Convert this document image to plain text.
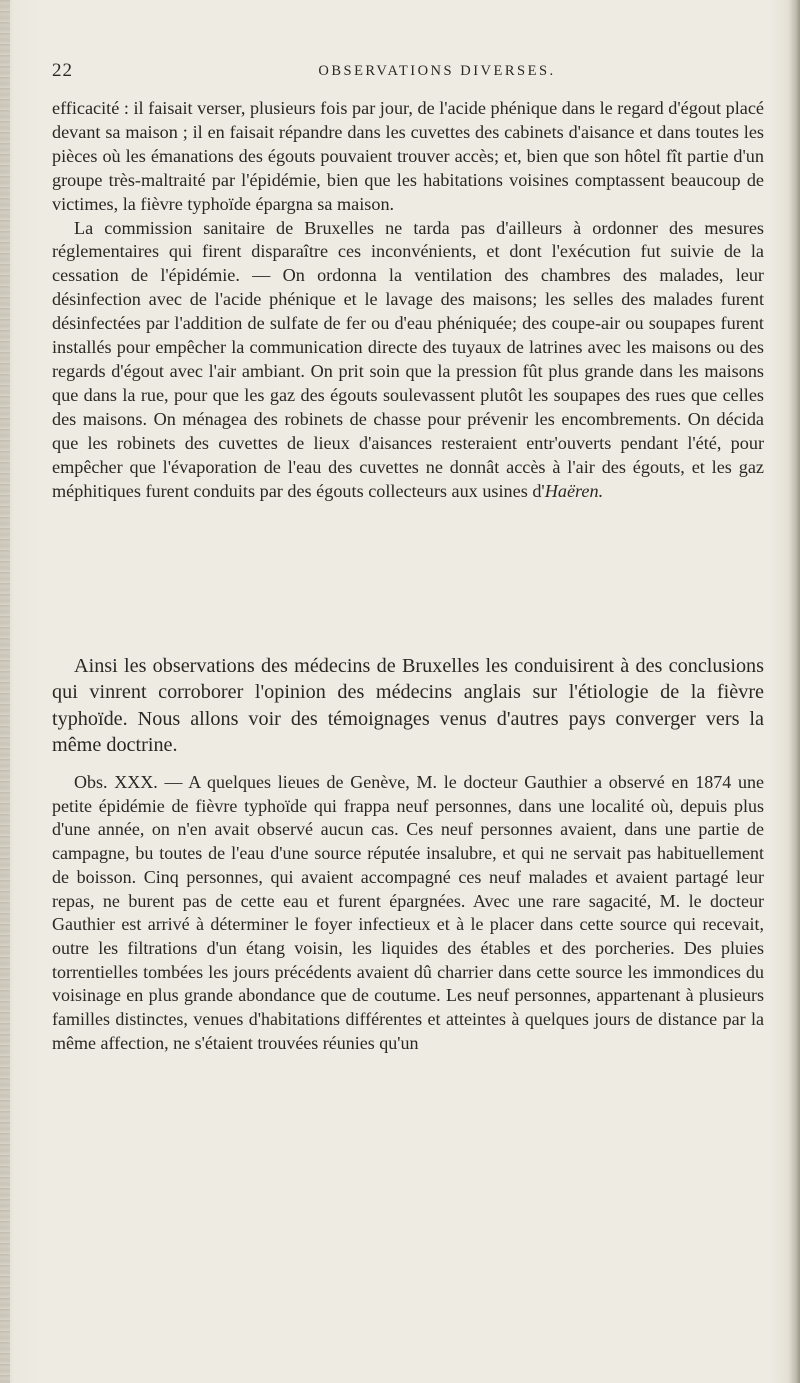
22	OBSERVATIONS DIVERSES.

efficacité : il faisait verser, plusieurs fois par jour, de l'acide phénique dans le regard d'égout placé devant sa maison ; il en faisait répandre dans les cuvettes des cabinets d'aisance et dans toutes les pièces où les émanations des égouts pouvaient trouver accès; et, bien que son hôtel fît partie d'un groupe très-maltraité par l'épidémie, bien que les habitations voisines comptassent beaucoup de victimes, la fièvre typhoïde épargna sa maison.

La commission sanitaire de Bruxelles ne tarda pas d'ailleurs à ordonner des mesures réglementaires qui firent disparaître ces inconvénients, et dont l'exécution fut suivie de la cessation de l'épidémie. — On ordonna la ventilation des chambres des malades, leur désinfection avec de l'acide phénique et le lavage des maisons; les selles des malades furent désinfectées par l'addition de sulfate de fer ou d'eau phéniquée; des coupe-air ou soupapes furent installés pour empêcher la communication directe des tuyaux de latrines avec les maisons ou des regards d'égout avec l'air ambiant. On prit soin que la pression fût plus grande dans les maisons que dans la rue, pour que les gaz des égouts soulevassent plutôt les soupapes des rues que celles des maisons. On ménagea des robinets de chasse pour prévenir les encombrements. On décida que les robinets des cuvettes de lieux d'aisances resteraient entr'ouverts pendant l'été, pour empêcher que l'évaporation de l'eau des cuvettes ne donnât accès à l'air des égouts, et les gaz méphitiques furent conduits par des égouts collecteurs aux usines d'Haëren.

Ainsi les observations des médecins de Bruxelles les conduisirent à des conclusions qui vinrent corroborer l'opinion des médecins anglais sur l'étiologie de la fièvre typhoïde. Nous allons voir des témoignages venus d'autres pays converger vers la même doctrine.

Obs. XXX. — A quelques lieues de Genève, M. le docteur Gauthier a observé en 1874 une petite épidémie de fièvre typhoïde qui frappa neuf personnes, dans une localité où, depuis plus d'une année, on n'en avait observé aucun cas. Ces neuf personnes avaient, dans une partie de campagne, bu toutes de l'eau d'une source réputée insalubre, et qui ne servait pas habituellement de boisson. Cinq personnes, qui avaient accompagné ces neuf malades et avaient partagé leur repas, ne burent pas de cette eau et furent épargnées. Avec une rare sagacité, M. le docteur Gauthier est arrivé à déterminer le foyer infectieux et à le placer dans cette source qui recevait, outre les filtrations d'un étang voisin, les liquides des étables et des porcheries. Des pluies torrentielles tombées les jours précédents avaient dû charrier dans cette source les immondices du voisinage en plus grande abondance que de coutume. Les neuf personnes, appartenant à plusieurs familles distinctes, venues d'habitations différentes et atteintes à quelques jours de distance par la même affection, ne s'étaient trouvées réunies qu'un
